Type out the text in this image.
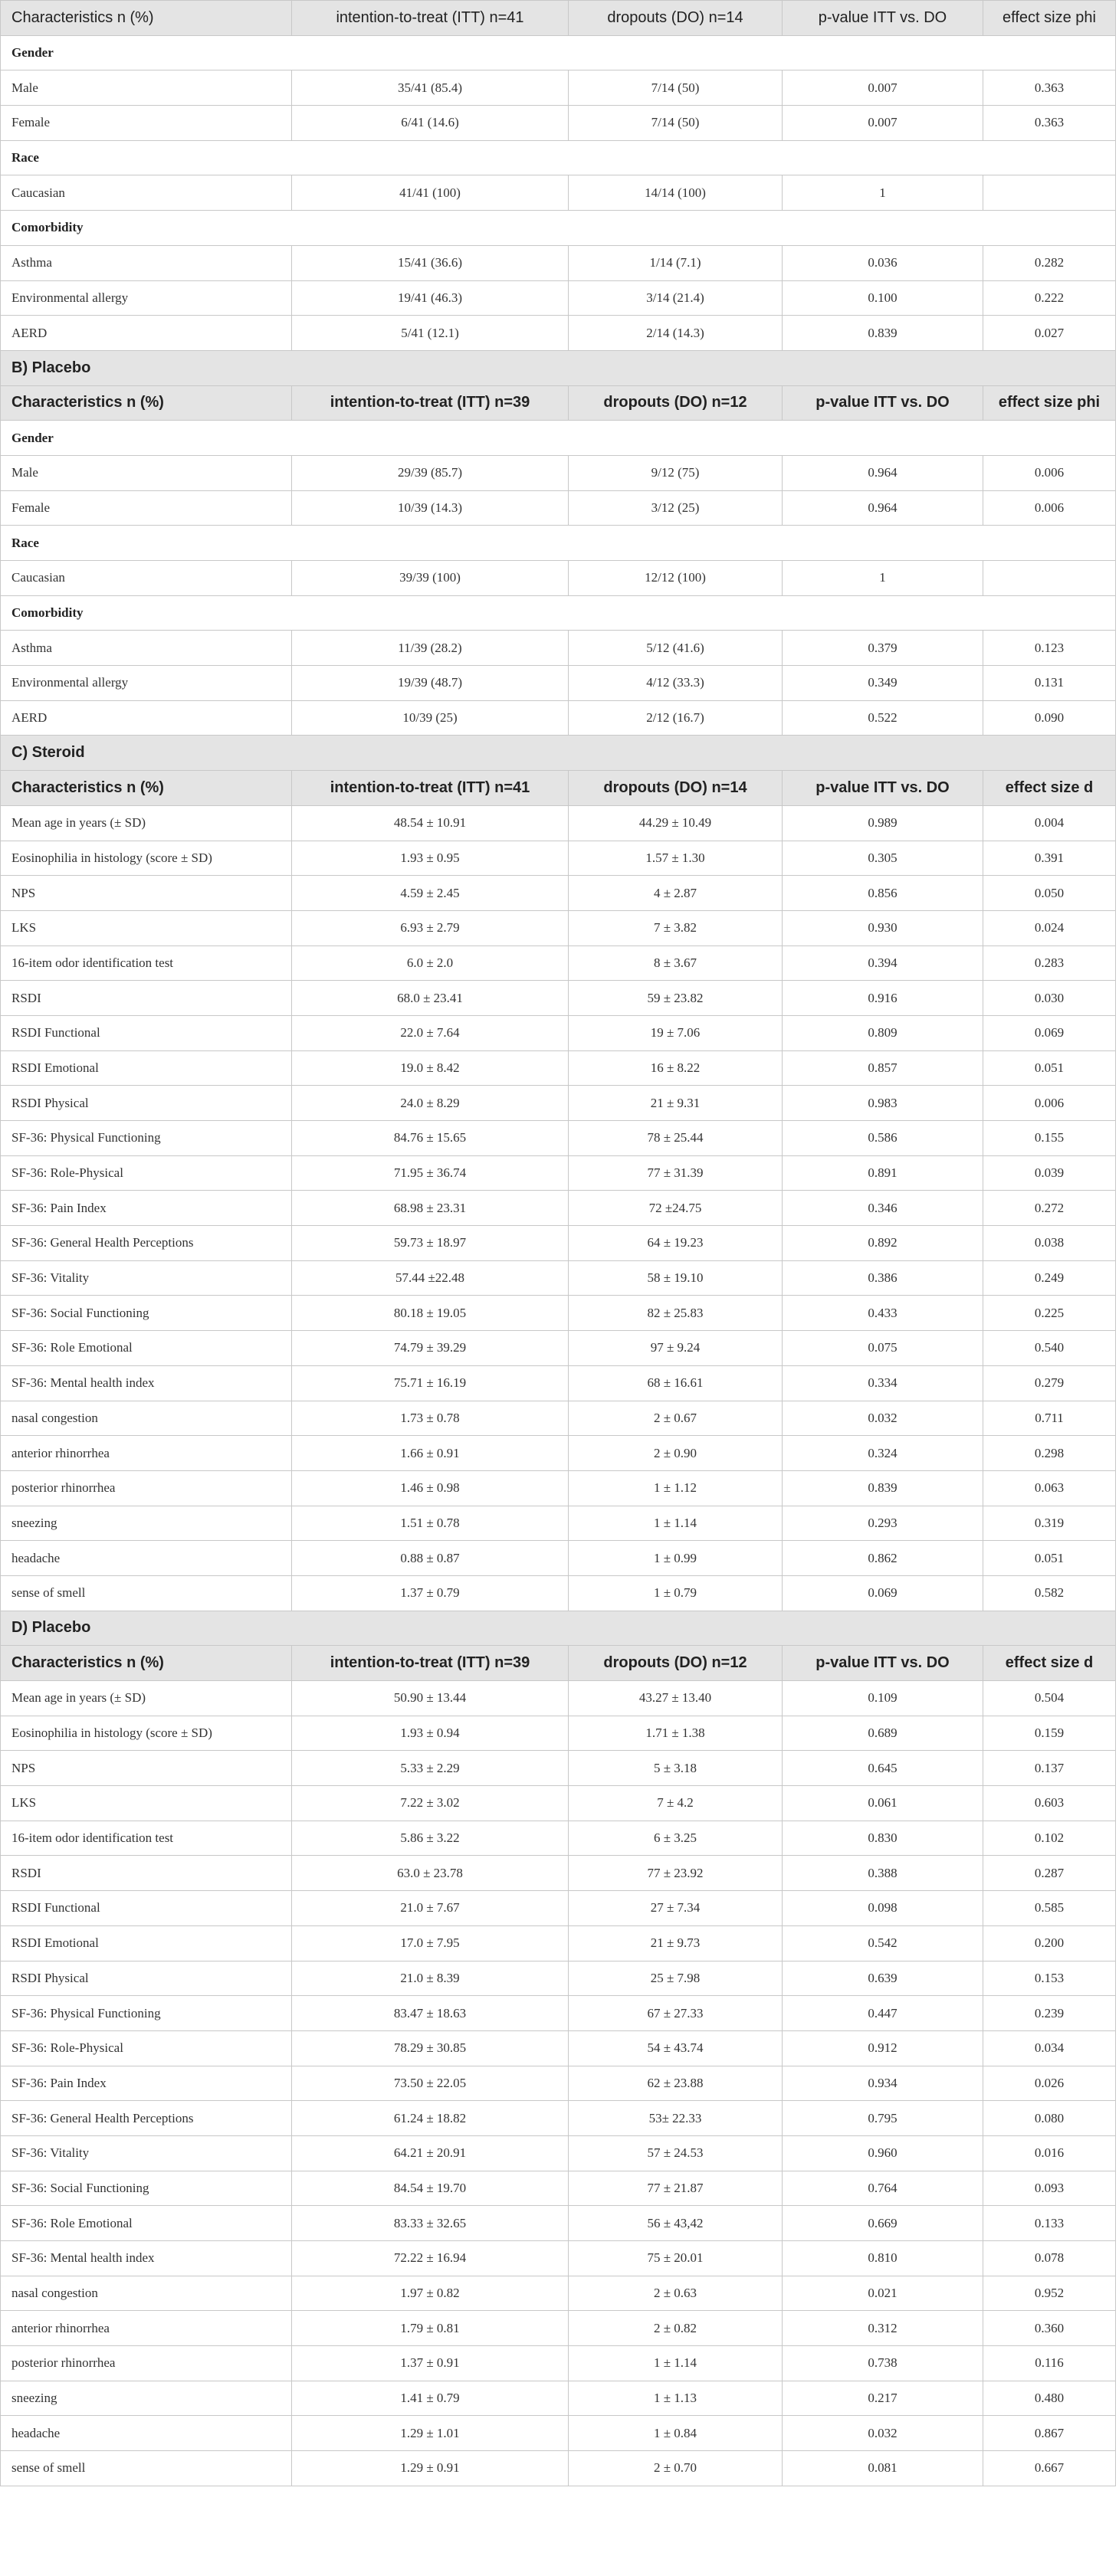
Characteristics n (%)	intention-to-treat (ITT) n=41	dropouts (DO) n=14	p-value ITT vs. DO	effect size phi
Gender				
Male	35/41 (85.4)	7/14 (50)	0.007	0.363
Female	6/41 (14.6)	7/14 (50)	0.007	0.363
Race				
Caucasian	41/41 (100)	14/14 (100)	1	
Comorbidity				
Asthma	15/41 (36.6)	1/14 (7.1)	0.036	0.282
Environmental allergy	19/41 (46.3)	3/14 (21.4)	0.100	0.222
AERD	5/41 (12.1)	2/14 (14.3)	0.839	0.027
B) Placebo				
Characteristics n (%)	intention-to-treat (ITT) n=39	dropouts (DO) n=12	p-value ITT vs. DO	effect size phi
Gender				
Male	29/39 (85.7)	9/12 (75)	0.964	0.006
Female	10/39 (14.3)	3/12 (25)	0.964	0.006
Race				
Caucasian	39/39 (100)	12/12 (100)	1	
Comorbidity				
Asthma	11/39 (28.2)	5/12 (41.6)	0.379	0.123
Environmental allergy	19/39 (48.7)	4/12 (33.3)	0.349	0.131
AERD	10/39 (25)	2/12 (16.7)	0.522	0.090
C) Steroid				
Characteristics n (%)	intention-to-treat (ITT) n=41	dropouts (DO) n=14	p-value ITT vs. DO	effect size d
Mean age in years (± SD)	48.54 ± 10.91	44.29 ± 10.49	0.989	0.004
Eosinophilia in histology (score ± SD)	1.93 ± 0.95	1.57 ± 1.30	0.305	0.391
NPS	4.59 ± 2.45	4 ± 2.87	0.856	0.050
LKS	6.93 ± 2.79	7 ± 3.82	0.930	0.024
16-item odor identification test	6.0 ± 2.0	8 ± 3.67	0.394	0.283
RSDI	68.0 ± 23.41	59 ± 23.82	0.916	0.030
RSDI Functional	22.0 ± 7.64	19 ± 7.06	0.809	0.069
RSDI Emotional	19.0 ± 8.42	16 ± 8.22	0.857	0.051
RSDI Physical	24.0 ± 8.29	21 ± 9.31	0.983	0.006
SF-36: Physical Functioning	84.76 ± 15.65	78 ± 25.44	0.586	0.155
SF-36: Role-Physical	71.95 ± 36.74	77 ± 31.39	0.891	0.039
SF-36: Pain Index	68.98 ± 23.31	72 ±24.75	0.346	0.272
SF-36: General Health Perceptions	59.73 ± 18.97	64 ± 19.23	0.892	0.038
SF-36: Vitality	57.44 ±22.48	58 ± 19.10	0.386	0.249
SF-36: Social Functioning	80.18 ± 19.05	82 ± 25.83	0.433	0.225
SF-36: Role Emotional	74.79 ± 39.29	97 ± 9.24	0.075	0.540
SF-36: Mental health index	75.71 ± 16.19	68 ± 16.61	0.334	0.279
nasal congestion	1.73 ± 0.78	2 ± 0.67	0.032	0.711
anterior rhinorrhea	1.66 ± 0.91	2 ± 0.90	0.324	0.298
posterior rhinorrhea	1.46 ± 0.98	1 ± 1.12	0.839	0.063
sneezing	1.51 ± 0.78	1 ± 1.14	0.293	0.319
headache	0.88 ± 0.87	1 ± 0.99	0.862	0.051
sense of smell	1.37 ± 0.79	1 ± 0.79	0.069	0.582
D) Placebo				
Characteristics n (%)	intention-to-treat (ITT) n=39	dropouts (DO) n=12	p-value ITT vs. DO	effect size d
Mean age in years (± SD)	50.90 ± 13.44	43.27 ± 13.40	0.109	0.504
Eosinophilia in histology (score ± SD)	1.93 ± 0.94	1.71 ± 1.38	0.689	0.159
NPS	5.33 ± 2.29	5 ± 3.18	0.645	0.137
LKS	7.22 ± 3.02	7 ± 4.2	0.061	0.603
16-item odor identification test	5.86 ± 3.22	6 ± 3.25	0.830	0.102
RSDI	63.0 ± 23.78	77 ± 23.92	0.388	0.287
RSDI Functional	21.0 ± 7.67	27 ± 7.34	0.098	0.585
RSDI Emotional	17.0 ± 7.95	21 ± 9.73	0.542	0.200
RSDI Physical	21.0 ± 8.39	25 ± 7.98	0.639	0.153
SF-36: Physical Functioning	83.47 ± 18.63	67 ± 27.33	0.447	0.239
SF-36: Role-Physical	78.29 ± 30.85	54 ± 43.74	0.912	0.034
SF-36: Pain Index	73.50 ± 22.05	62 ± 23.88	0.934	0.026
SF-36: General Health Perceptions	61.24 ± 18.82	53± 22.33	0.795	0.080
SF-36: Vitality	64.21 ± 20.91	57 ± 24.53	0.960	0.016
SF-36: Social Functioning	84.54 ± 19.70	77 ± 21.87	0.764	0.093
SF-36: Role Emotional	83.33 ± 32.65	56 ± 43,42	0.669	0.133
SF-36: Mental health index	72.22 ± 16.94	75 ± 20.01	0.810	0.078
nasal congestion	1.97 ± 0.82	2 ± 0.63	0.021	0.952
anterior rhinorrhea	1.79 ± 0.81	2 ± 0.82	0.312	0.360
posterior rhinorrhea	1.37 ± 0.91	1 ± 1.14	0.738	0.116
sneezing	1.41 ± 0.79	1 ± 1.13	0.217	0.480
headache	1.29 ± 1.01	1 ± 0.84	0.032	0.867
sense of smell	1.29 ± 0.91	2 ± 0.70	0.081	0.667
